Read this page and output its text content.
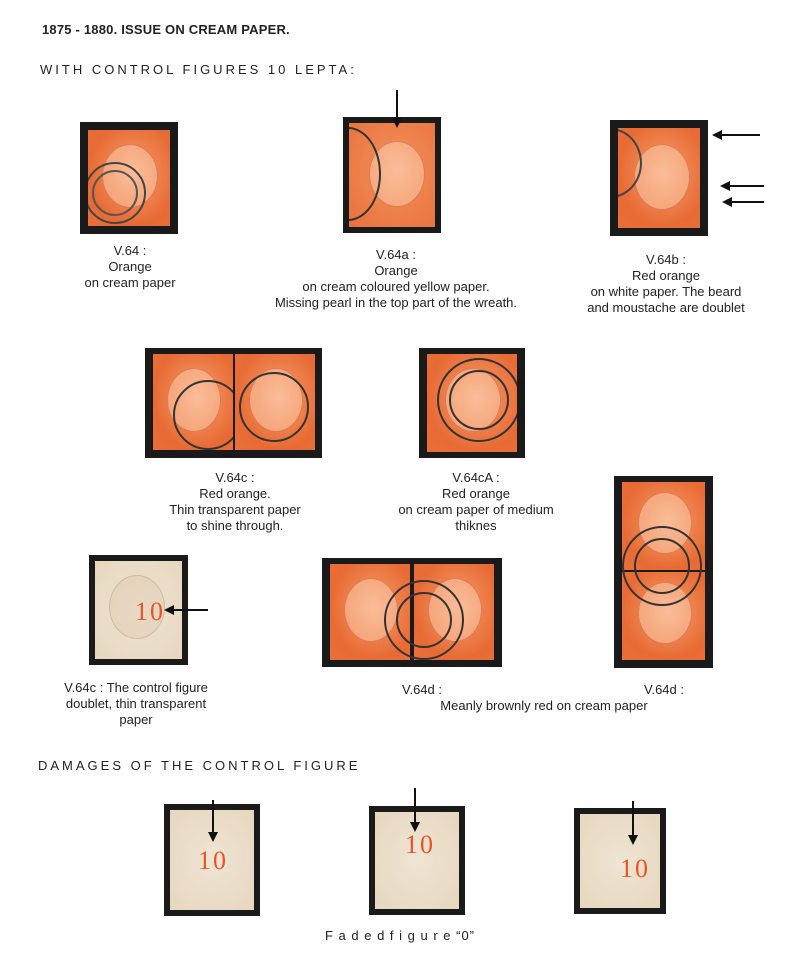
1875 - 1880. ISSUE ON CREAM PAPER.
WITH CONTROL FIGURES 10 LEPTA:
DAMAGES OF THE CONTROL FIGURE
V.64 :
Orange
on cream paper
V.64a :
Orange
on cream coloured yellow paper.
Missing pearl in the top part of the wreath.
V.64b :
Red orange
on white paper. The beard
and moustache are doublet
V.64c :
Red orange.
Thin transparent paper
to shine through.
V.64cA :
Red orange
on cream paper of medium
thiknes
10
V.64c : The control figure
doublet, thin transparent
paper
V.64d :	V.64d :
Meanly brownly red on cream paper
10
10
10
F a d e d f i g u r e “0”
